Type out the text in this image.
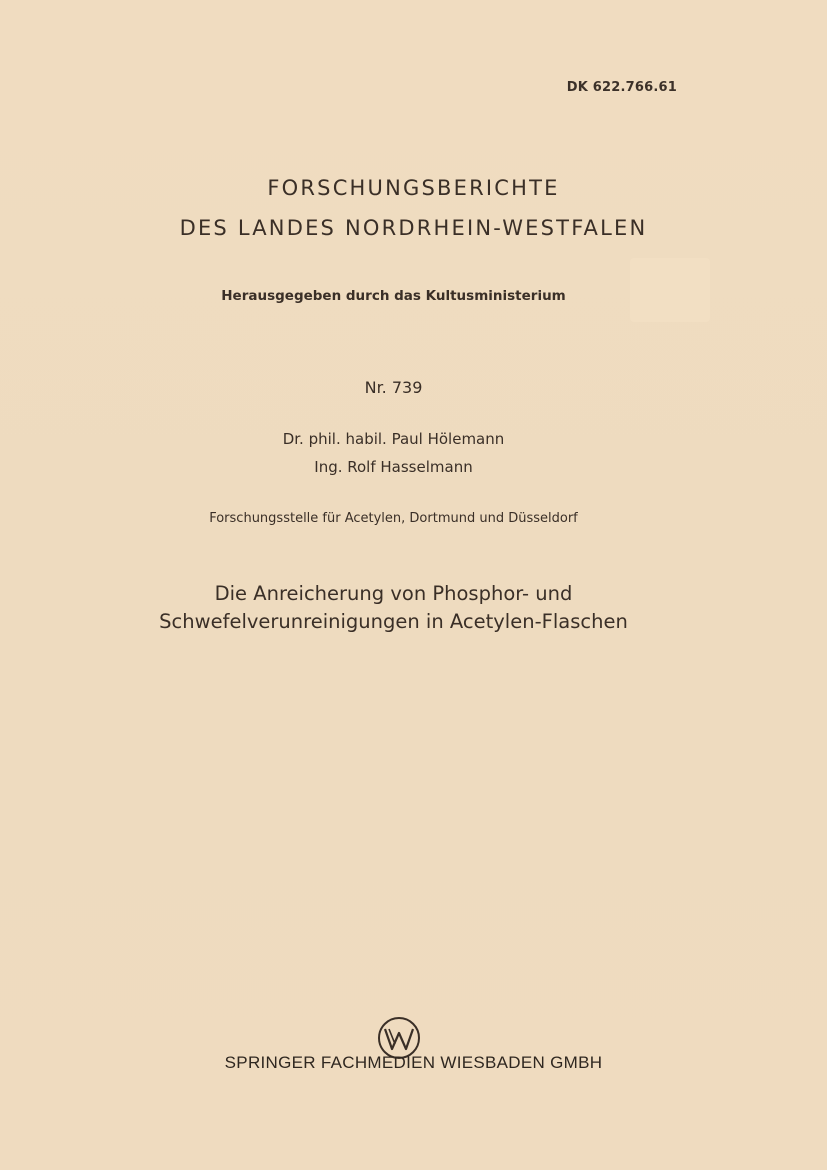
DK 622.766.61
FORSCHUNGSBERICHTE
DES LANDES NORDRHEIN-WESTFALEN
Herausgegeben durch das Kultusministerium
Nr. 739
Dr. phil. habil. Paul Hölemann
Ing. Rolf Hasselmann
Forschungsstelle für Acetylen, Dortmund und Düsseldorf
Die Anreicherung von Phosphor- und
Schwefelverunreinigungen in Acetylen-Flaschen
SPRINGER FACHMEDIEN WIESBADEN GMBH
